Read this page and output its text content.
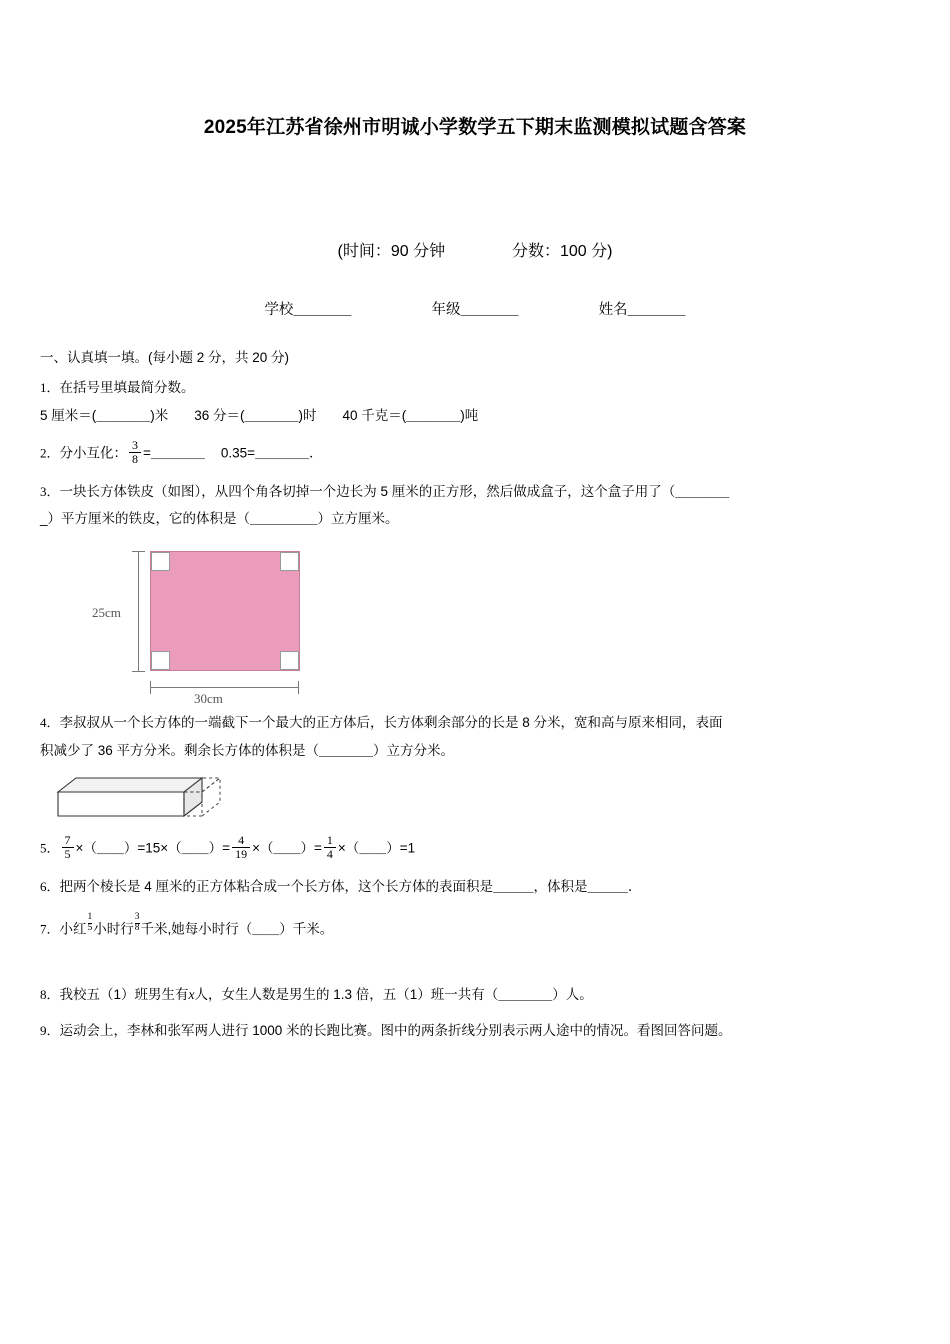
2025年江苏省徐州市明诚小学数学五下期末监测模拟试题含答案
(时间：90 分钟	分数：100 分)
学校＿＿＿＿	年级＿＿＿＿	姓名＿＿＿＿
一、认真填一填。(每小题 2 分，共 20 分)
1．在括号里填最简分数。
5 厘米＝(＿＿＿＿)米 36 分＝(＿＿＿＿)时 40 千克＝(＿＿＿＿)吨
2．分小互化： $\frac{3}{8}$ =＿＿＿＿ 0.35=＿＿＿＿．
3．一块长方体铁皮（如图），从四个角各切掉一个边长为 5 厘米的正方形，然后做成盒子，这个盒子用了（＿＿＿＿
_）平方厘米的铁皮，它的体积是（＿＿＿＿＿）立方厘米。
25cm
30cm
4．李叔叔从一个长方体的一端截下一个最大的正方体后，长方体剩余部分的长是 8 分米，宽和高与原来相同，表面
积减少了 36 平方分米。剩余长方体的体积是（＿＿＿＿）立方分米。
5． $\frac{7}{5}$ ×（＿＿）=15×（＿＿）= $\frac{4}{19}$ ×（＿＿）= $\frac{1}{4}$ ×（＿＿）=1
6．把两个棱长是 4 厘米的正方体粘合成一个长方体，这个长方体的表面积是＿＿＿，体积是＿＿＿．
7．小红 $\frac{1}{5}$ 小时行 $\frac{3}{8}$ 千米,她每小时行（＿＿）千米。
8．我校五（1）班男生有x人，女生人数是男生的 1.3 倍，五（1）班一共有（＿＿＿＿）人。
9．运动会上，李林和张军两人进行 1000 米的长跑比赛。图中的两条折线分别表示两人途中的情况。看图回答问题。
